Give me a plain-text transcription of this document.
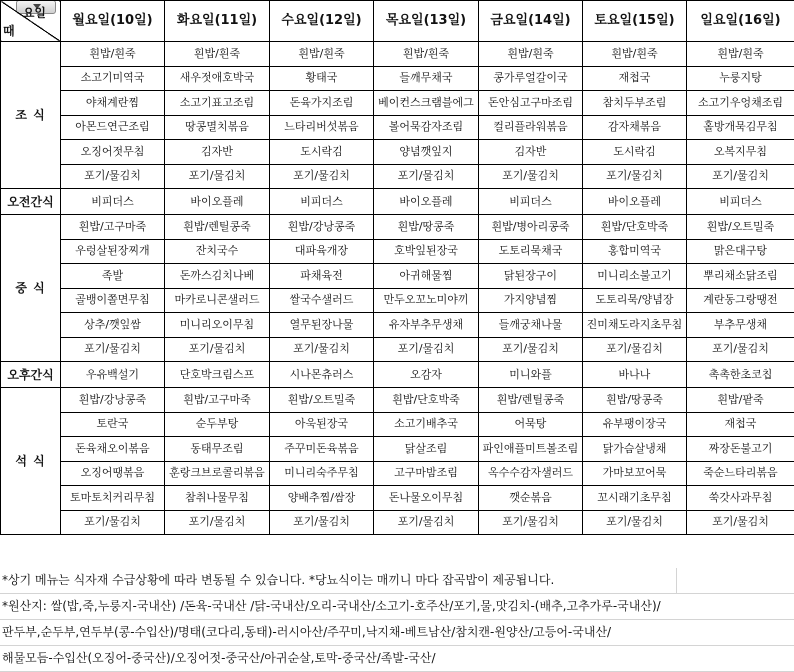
요일
때	월요일(10일)	화요일(11일)	수요일(12일)	목요일(13일)	금요일(14일)	토요일(15일)	일요일(16일)
조 식	흰밥/흰죽	흰밥/흰죽	흰밥/흰죽	흰밥/흰죽	흰밥/흰죽	흰밥/흰죽	흰밥/흰죽
	소고기미역국	새우젓애호박국	황태국	들깨무채국	콩가루얼갈이국	재첩국	누룽지탕
	야채계란찜	소고기표고조림	돈육가지조림	베이컨스크램블에그	돈안심고구마조림	참치두부조림	소고기우엉채조림
	아몬드연근조림	땅콩멸치볶음	느타리버섯볶음	볼어묵감자조림	컬리플라워볶음	감자채볶음	홀방개묵김무침
	오징어젓무침	김자반	도시락김	양념깻잎지	김자반	도시락김	오복지무침
	포기/물김치	포기/물김치	포기/물김치	포기/물김치	포기/물김치	포기/물김치	포기/물김치
오전간식	비피더스	바이오플레	비피더스	바이오플레	비피더스	바이오플레	비피더스
중 식	흰밥/고구마죽	흰밥/렌틸콩죽	흰밥/강낭콩죽	흰밥/땅콩죽	흰밥/병아리콩죽	흰밥/단호박죽	흰밥/오트밀죽
	우렁살된장찌개	잔치국수	대파육개장	호박잎된장국	도토리묵채국	홍합미역국	맑은대구탕
	족발	돈까스김치나베	파채육전	아귀해물찜	닭된장구이	미니리소불고기	뿌리채소닭조림
	골뱅이쫄면무침	마카로니콘샐러드	쌀국수샐러드	만두오꼬노미야끼	가지양념찜	도토리묵/양념장	계란동그랑땡전
	상추/깻잎쌈	미니리오이무침	열무된장나물	유자부추무생채	들깨궁채나물	진미채도라지초무침	부추무생채
	포기/물김치	포기/물김치	포기/물김치	포기/물김치	포기/물김치	포기/물김치	포기/물김치
오후간식	우유백설기	단호박크림스프	시나몬츄러스	오감자	미니와플	바나나	촉촉한초코칩
석 식	흰밥/강낭콩죽	흰밥/고구마죽	흰밥/오트밀죽	흰밥/단호박죽	흰밥/렌틸콩죽	흰밥/땅콩죽	흰밥/팥죽
	토란국	순두부탕	아욱된장국	소고기배추국	어묵탕	유부팽이장국	재첩국
	돈육채오이볶음	동태무조림	주꾸미돈육볶음	닭살조림	파인애플미트볼조림	닭가슴살냉채	짜장돈불고기
	오징어땡볶음	훈랑크브로콜리볶음	미니리숙주무침	고구마밤조림	옥수수감자샐러드	가마보꼬어묵	죽순느타리볶음
	토마토치커리무침	참취나물무침	양배추찜/쌈장	돈나물오이무침	깻순볶음	꼬시래기초무침	쑥갓사과무침
	포기/물김치	포기/물김치	포기/물김치	포기/물김치	포기/물김치	포기/물김치	포기/물김치
*상기 메뉴는 식자재 수급상황에 따라 변동될 수 있습니다. *당뇨식이는 매끼니 마다 잡곡밥이 제공됩니다.
*원산지: 쌀(밥,죽,누룽지-국내산) /돈육-국내산 /닭-국내산/오리-국내산/소고기-호주산/포기,물,맛김치-(배추,고추가루-국내산)/
판두부,순두부,연두부(콩-수입산)/명태(코다리,동태)-러시아산/주꾸미,낙지채-베트남산/참치캔-원양산/고등어-국내산/
해물모듬-수입산(오징어-중국산)/오징어젓-중국산/아귀순살,토막-중국산/족발-국산/
